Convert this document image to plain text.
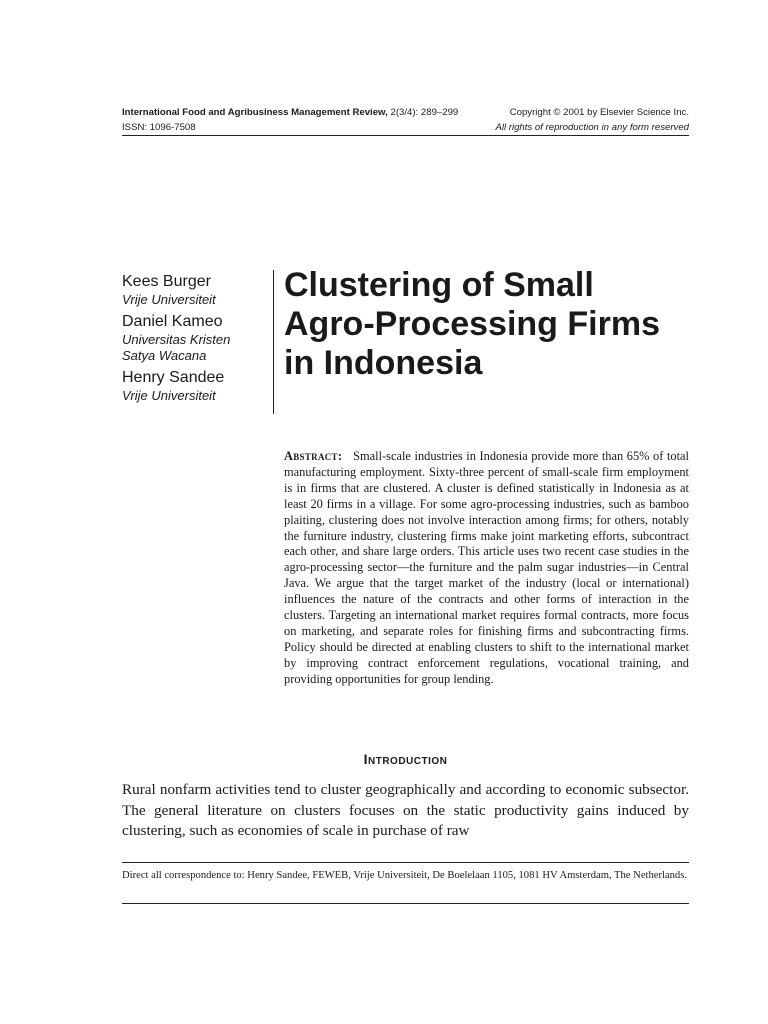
International Food and Agribusiness Management Review, 2(3/4): 289–299	Copyright © 2001 by Elsevier Science Inc.
ISSN: 1096-7508	All rights of reproduction in any form reserved
Kees Burger
Vrije Universiteit
Daniel Kameo
Universitas Kristen
Satya Wacana
Henry Sandee
Vrije Universiteit
Clustering of Small
Agro-Processing Firms
in Indonesia
Abstract: Small-scale industries in Indonesia provide more than 65% of total manufacturing employment. Sixty-three percent of small-scale firm employment is in firms that are clustered. A cluster is defined statistically in Indonesia as at least 20 firms in a village. For some agro-processing industries, such as bamboo plaiting, clustering does not involve interaction among firms; for others, notably the furniture industry, clustering firms make joint marketing efforts, subcontract each other, and share large orders. This article uses two recent case studies in the agro-processing sector—the furniture and the palm sugar industries—in Central Java. We argue that the target market of the industry (local or international) influences the nature of the contracts and other forms of interaction in the clusters. Targeting an international market requires formal contracts, more focus on marketing, and separate roles for finishing firms and subcontracting firms. Policy should be directed at enabling clusters to shift to the international market by improving contract enforcement regulations, vocational training, and providing opportunities for group lending.
Introduction
Rural nonfarm activities tend to cluster geographically and according to economic subsector. The general literature on clusters focuses on the static productivity gains induced by clustering, such as economies of scale in purchase of raw
Direct all correspondence to: Henry Sandee, FEWEB, Vrije Universiteit, De Boelelaan 1105, 1081 HV Amsterdam, The Netherlands.
